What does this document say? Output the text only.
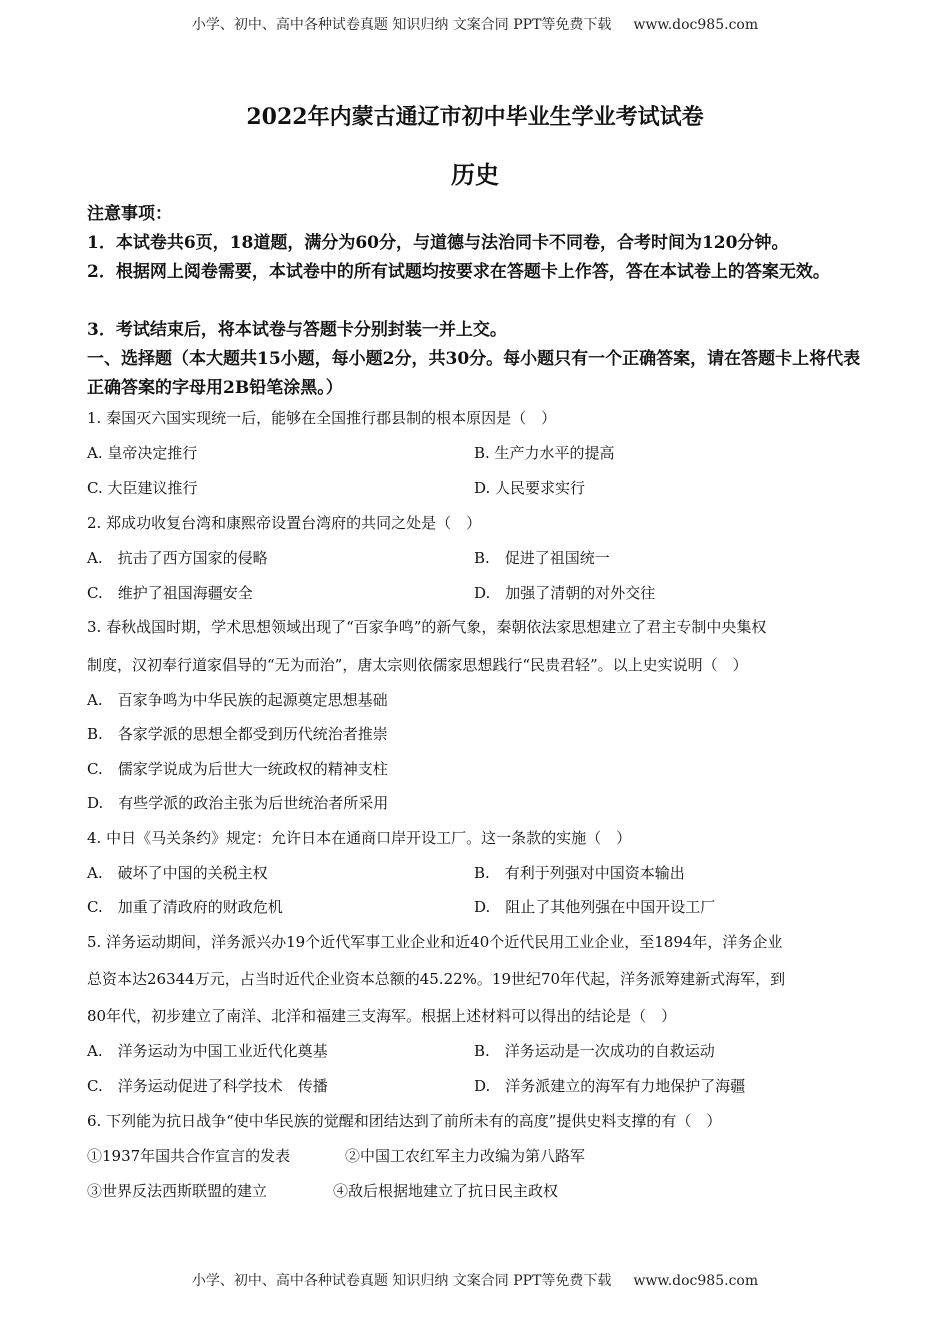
小学、初中、高中各种试卷真题 知识归纳 文案合同 PPT等免费下载 www.doc985.com
2022年内蒙古通辽市初中毕业生学业考试试卷
历史
注意事项：
1．本试卷共6页，18道题，满分为60分，与道德与法治同卡不同卷，合考时间为120分钟。
2．根据网上阅卷需要，本试卷中的所有试题均按要求在答题卡上作答，答在本试卷上的答案无效。
3．考试结束后，将本试卷与答题卡分别封装一并上交。
一、选择题（本大题共15小题，每小题2分，共30分。每小题只有一个正确答案，请在答题卡上将代表正确答案的字母用2B铅笔涂黑。）
1. 秦国灭六国实现统一后，能够在全国推行郡县制的根本原因是（　）
A. 皇帝决定推行	B. 生产力水平的提高
C. 大臣建议推行	D. 人民要求实行
2. 郑成功收复台湾和康熙帝设置台湾府的共同之处是（　）
A.　抗击了西方国家的侵略	B.　促进了祖国统一
C.　维护了祖国海疆安全	D.　加强了清朝的对外交往
3. 春秋战国时期，学术思想领域出现了“百家争鸣”的新气象，秦朝依法家思想建立了君主专制中央集权
制度，汉初奉行道家倡导的“无为而治”，唐太宗则依儒家思想践行“民贵君轻”。以上史实说明（　）
A.　百家争鸣为中华民族的起源奠定思想基础
B.　各家学派的思想全都受到历代统治者推崇
C.　儒家学说成为后世大一统政权的精神支柱
D.　有些学派的政治主张为后世统治者所采用
4. 中日《马关条约》规定：允许日本在通商口岸开设工厂。这一条款的实施（　）
A.　破坏了中国的关税主权	B.　有利于列强对中国资本输出
C.　加重了清政府的财政危机	D.　阻止了其他列强在中国开设工厂
5. 洋务运动期间，洋务派兴办19个近代军事工业企业和近40个近代民用工业企业，至1894年，洋务企业
总资本达26344万元，占当时近代企业资本总额的45.22%。19世纪70年代起，洋务派筹建新式海军，到
80年代，初步建立了南洋、北洋和福建三支海军。根据上述材料可以得出的结论是（　）
A.　洋务运动为中国工业近代化奠基	B.　洋务运动是一次成功的自救运动
C.　洋务运动促进了科学技术　传播	D.　洋务派建立的海军有力地保护了海疆
6. 下列能为抗日战争“使中华民族的觉醒和团结达到了前所未有的高度”提供史料支撑的有（　）
①1937年国共合作宣言的发表	②中国工农红军主力改编为第八路军
③世界反法西斯联盟的建立	④敌后根据地建立了抗日民主政权
小学、初中、高中各种试卷真题 知识归纳 文案合同 PPT等免费下载 www.doc985.com
